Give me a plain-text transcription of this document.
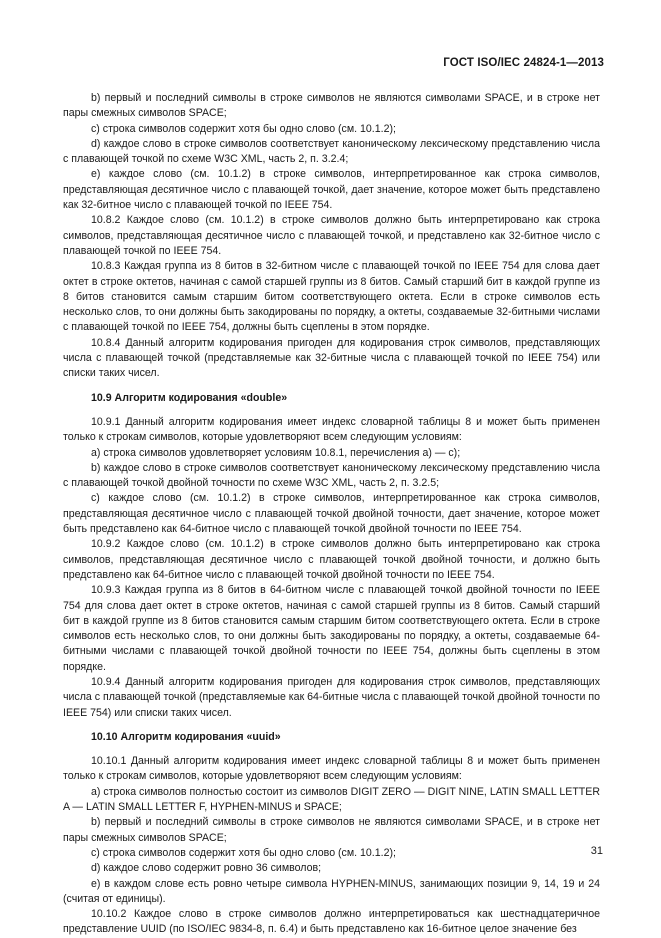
ГОСТ ISO/IEC 24824-1—2013

b) первый и последний символы в строке символов не являются символами SPACE, и в строке нет пары смежных символов SPACE;

c) строка символов содержит хотя бы одно слово (см. 10.1.2);

d) каждое слово в строке символов соответствует каноническому лексическому представлению числа с плавающей точкой по схеме W3C XML, часть 2, п. 3.2.4;

e) каждое слово (см. 10.1.2) в строке символов, интерпретированное как строка символов, представляющая десятичное число с плавающей точкой, дает значение, которое может быть представлено как 32-битное число с плавающей точкой по IEEE 754.

10.8.2 Каждое слово (см. 10.1.2) в строке символов должно быть интерпретировано как строка символов, представляющая десятичное число с плавающей точкой, и представлено как 32-битное число с плавающей точкой по IEEE 754.

10.8.3 Каждая группа из 8 битов в 32-битном числе с плавающей точкой по IEEE 754 для слова дает октет в строке октетов, начиная с самой старшей группы из 8 битов. Самый старший бит в каждой группе из 8 битов становится самым старшим битом соответствующего октета. Если в строке символов есть несколько слов, то они должны быть закодированы по порядку, а октеты, создаваемые 32-битными числами с плавающей точкой по IEEE 754, должны быть сцеплены в этом порядке.

10.8.4 Данный алгоритм кодирования пригоден для кодирования строк символов, представляющих числа с плавающей точкой (представляемые как 32-битные числа с плавающей точкой по IEEE 754) или списки таких чисел.

10.9 Алгоритм кодирования «double»

10.9.1 Данный алгоритм кодирования имеет индекс словарной таблицы 8 и может быть применен только к строкам символов, которые удовлетворяют всем следующим условиям:

a) строка символов удовлетворяет условиям 10.8.1, перечисления a) — c);

b) каждое слово в строке символов соответствует каноническому лексическому представлению числа с плавающей точкой двойной точности по схеме W3C XML, часть 2, п. 3.2.5;

c) каждое слово (см. 10.1.2) в строке символов, интерпретированное как строка символов, представляющая десятичное число с плавающей точкой двойной точности, дает значение, которое может быть представлено как 64-битное число с плавающей точкой двойной точности по IEEE 754.

10.9.2 Каждое слово (см. 10.1.2) в строке символов должно быть интерпретировано как строка символов, представляющая десятичное число с плавающей точкой двойной точности, и должно быть представлено как 64-битное число с плавающей точкой двойной точности по IEEE 754.

10.9.3 Каждая группа из 8 битов в 64-битном числе с плавающей точкой двойной точности по IEEE 754 для слова дает октет в строке октетов, начиная с самой старшей группы из 8 битов. Самый старший бит в каждой группе из 8 битов становится самым старшим битом соответствующего октета. Если в строке символов есть несколько слов, то они должны быть закодированы по порядку, а октеты, создаваемые 64-битными числами с плавающей точкой двойной точности по IEEE 754, должны быть сцеплены в этом порядке.

10.9.4 Данный алгоритм кодирования пригоден для кодирования строк символов, представляющих числа с плавающей точкой (представляемые как 64-битные числа с плавающей точкой двойной точности по IEEE 754) или списки таких чисел.

10.10 Алгоритм кодирования «uuid»

10.10.1 Данный алгоритм кодирования имеет индекс словарной таблицы 8 и может быть применен только к строкам символов, которые удовлетворяют всем следующим условиям:

a) строка символов полностью состоит из символов DIGIT ZERO — DIGIT NINE, LATIN SMALL LETTER A — LATIN SMALL LETTER F, HYPHEN-MINUS и SPACE;

b) первый и последний символы в строке символов не являются символами SPACE, и в строке нет пары смежных символов SPACE;

c) строка символов содержит хотя бы одно слово (см. 10.1.2);

d) каждое слово содержит ровно 36 символов;

e) в каждом слове есть ровно четыре символа HYPHEN-MINUS, занимающих позиции 9, 14, 19 и 24 (считая от единицы).

10.10.2 Каждое слово в строке символов должно интерпретироваться как шестнадцатеричное представление UUID (по ISO/IEC 9834-8, п. 6.4) и быть представлено как 16-битное целое значение без

31
